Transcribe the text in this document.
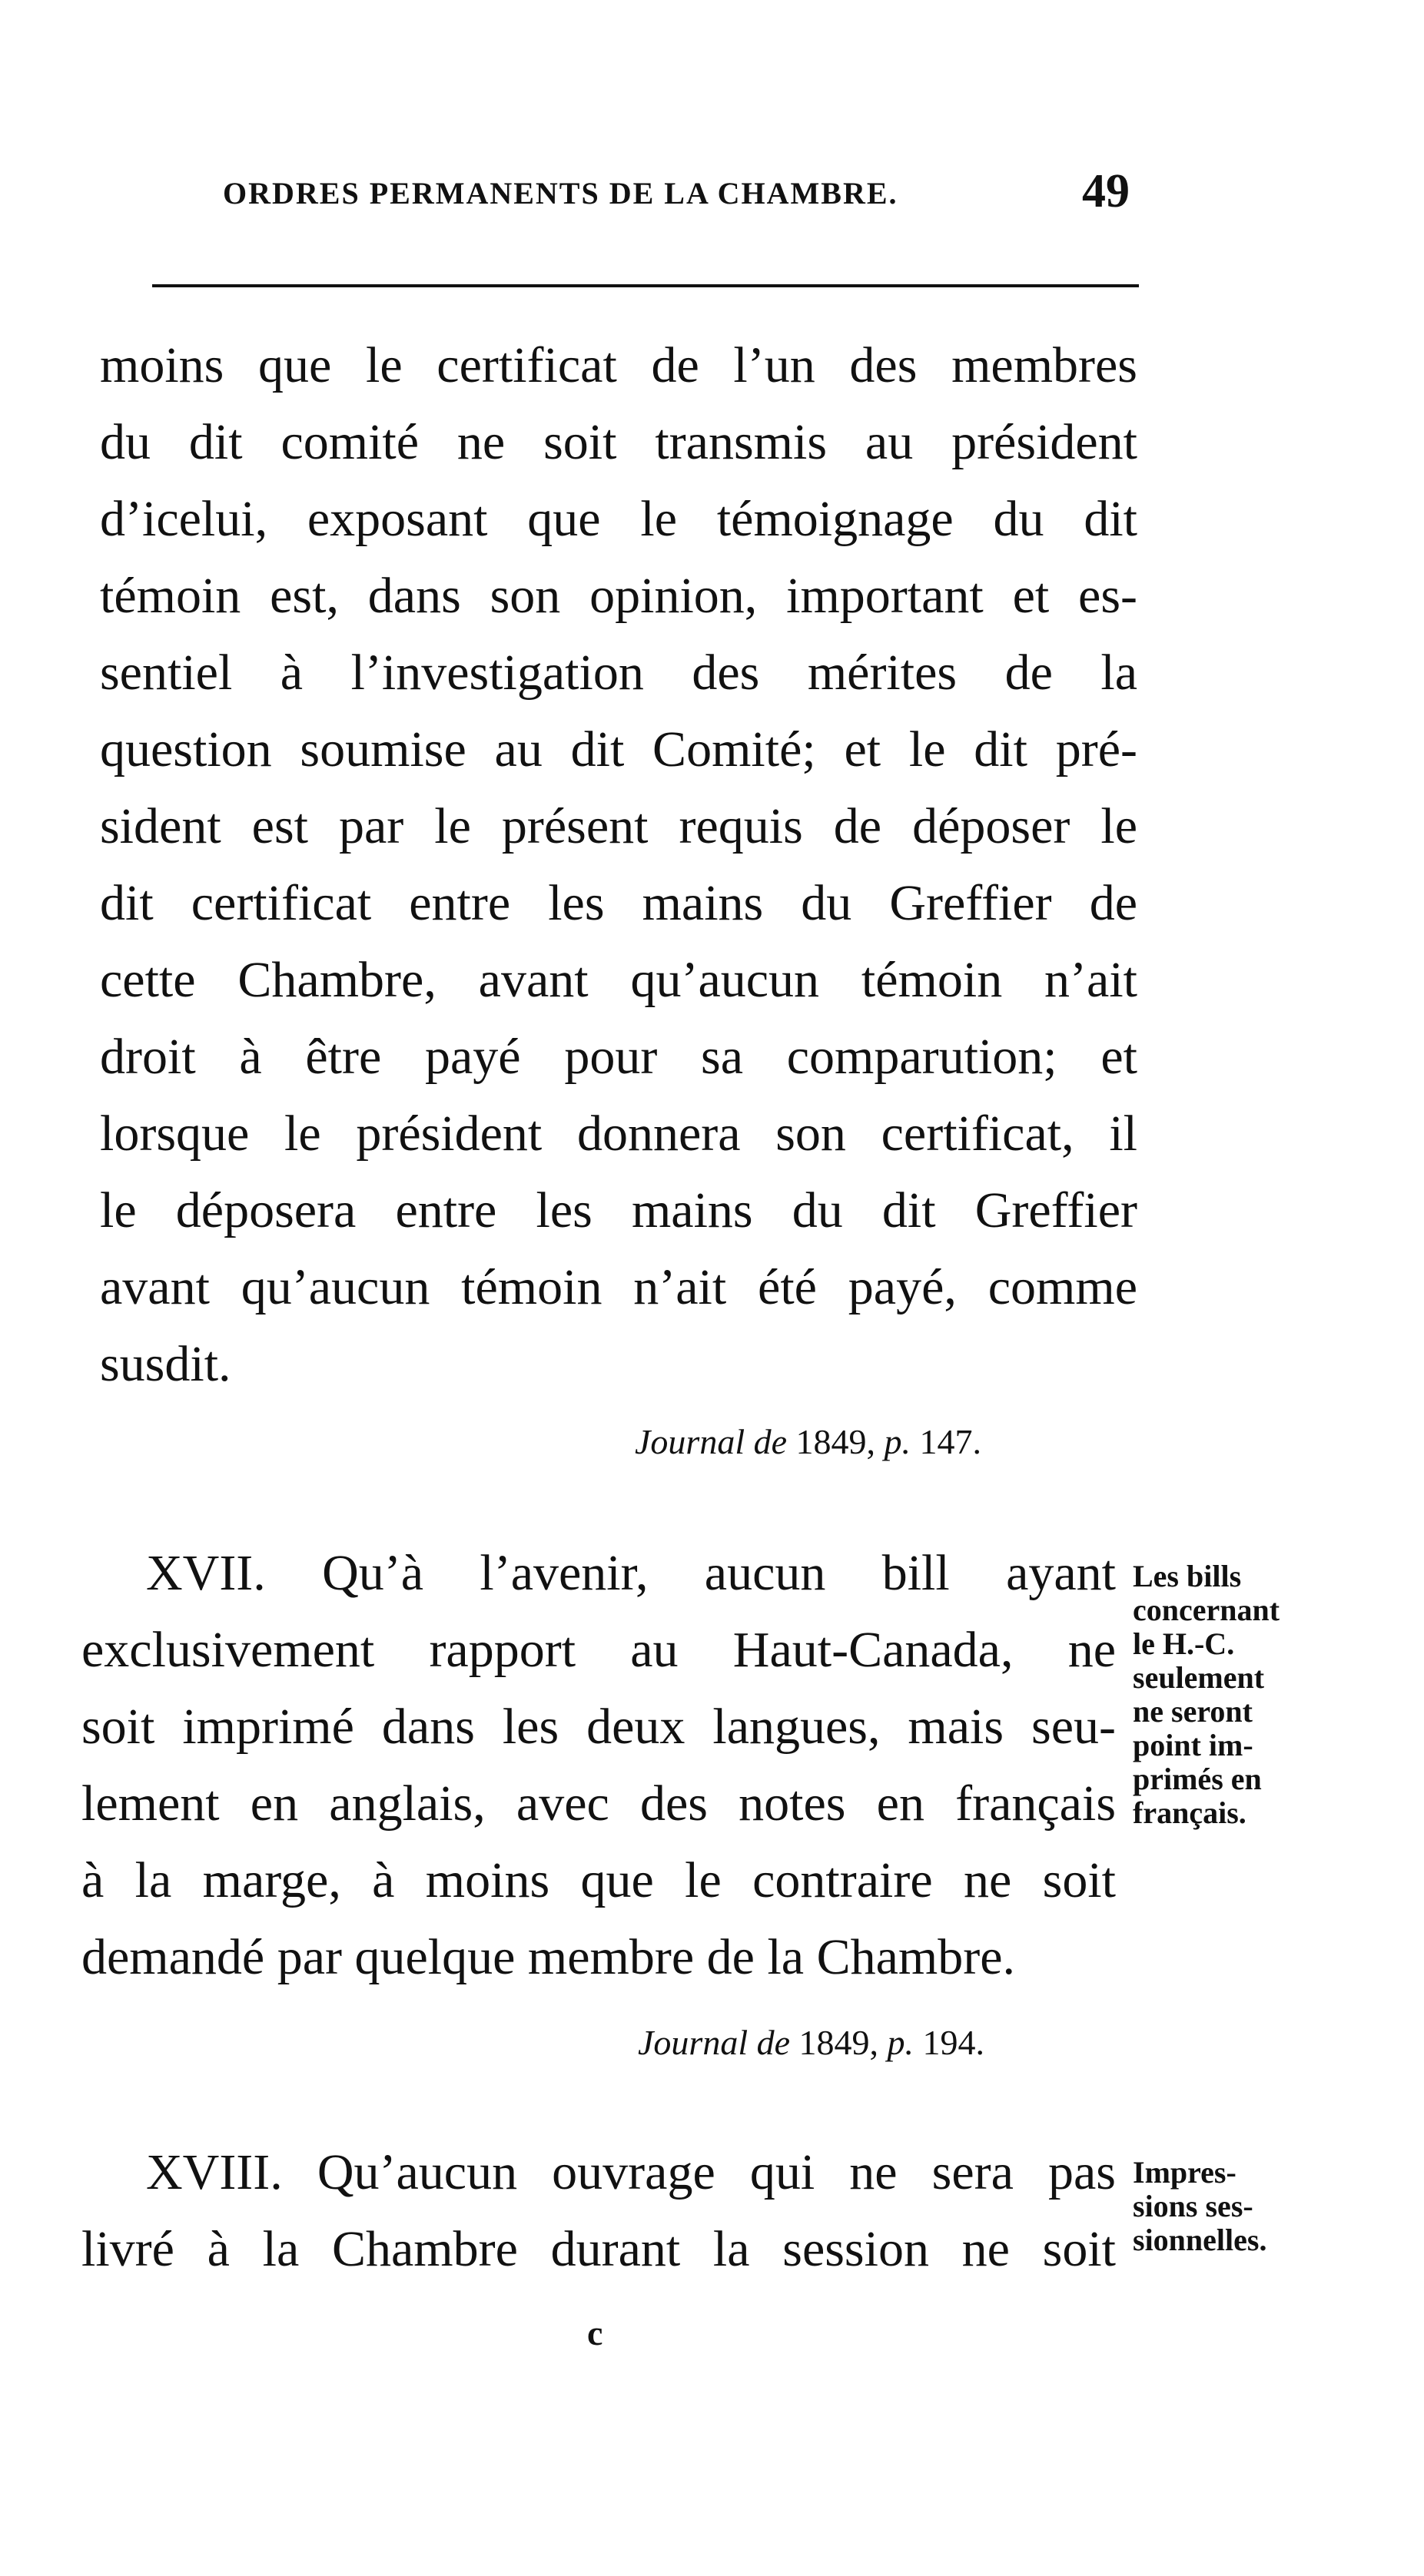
ORDRES PERMANENTS DE LA CHAMBRE.	49
moins que le certificat de l’un des membres
du dit comité ne soit transmis au président
d’icelui, exposant que le témoignage du dit
témoin est, dans son opinion, important et es-
sentiel à l’investigation des mérites de la
question soumise au dit Comité; et le dit pré-
sident est par le présent requis de déposer le
dit certificat entre les mains du Greffier de
cette Chambre, avant qu’aucun témoin n’ait
droit à être payé pour sa comparution; et
lorsque le président donnera son certificat, il
le déposera entre les mains du dit Greffier
avant qu’aucun témoin n’ait été payé, comme
susdit.
Journal de 1849, p. 147.
XVII. Qu’à l’avenir, aucun bill ayant
exclusivement rapport au Haut-Canada, ne
soit imprimé dans les deux langues, mais seu-
lement en anglais, avec des notes en français
à la marge, à moins que le contraire ne soit
demandé par quelque membre de la Chambre.
Les bills
concernant
le H.-C.
seulement
ne seront
point im-
primés en
français.
Journal de 1849, p. 194.
XVIII. Qu’aucun ouvrage qui ne sera pas
livré à la Chambre durant la session ne soit
Impres-
sions ses-
sionnelles.
c
